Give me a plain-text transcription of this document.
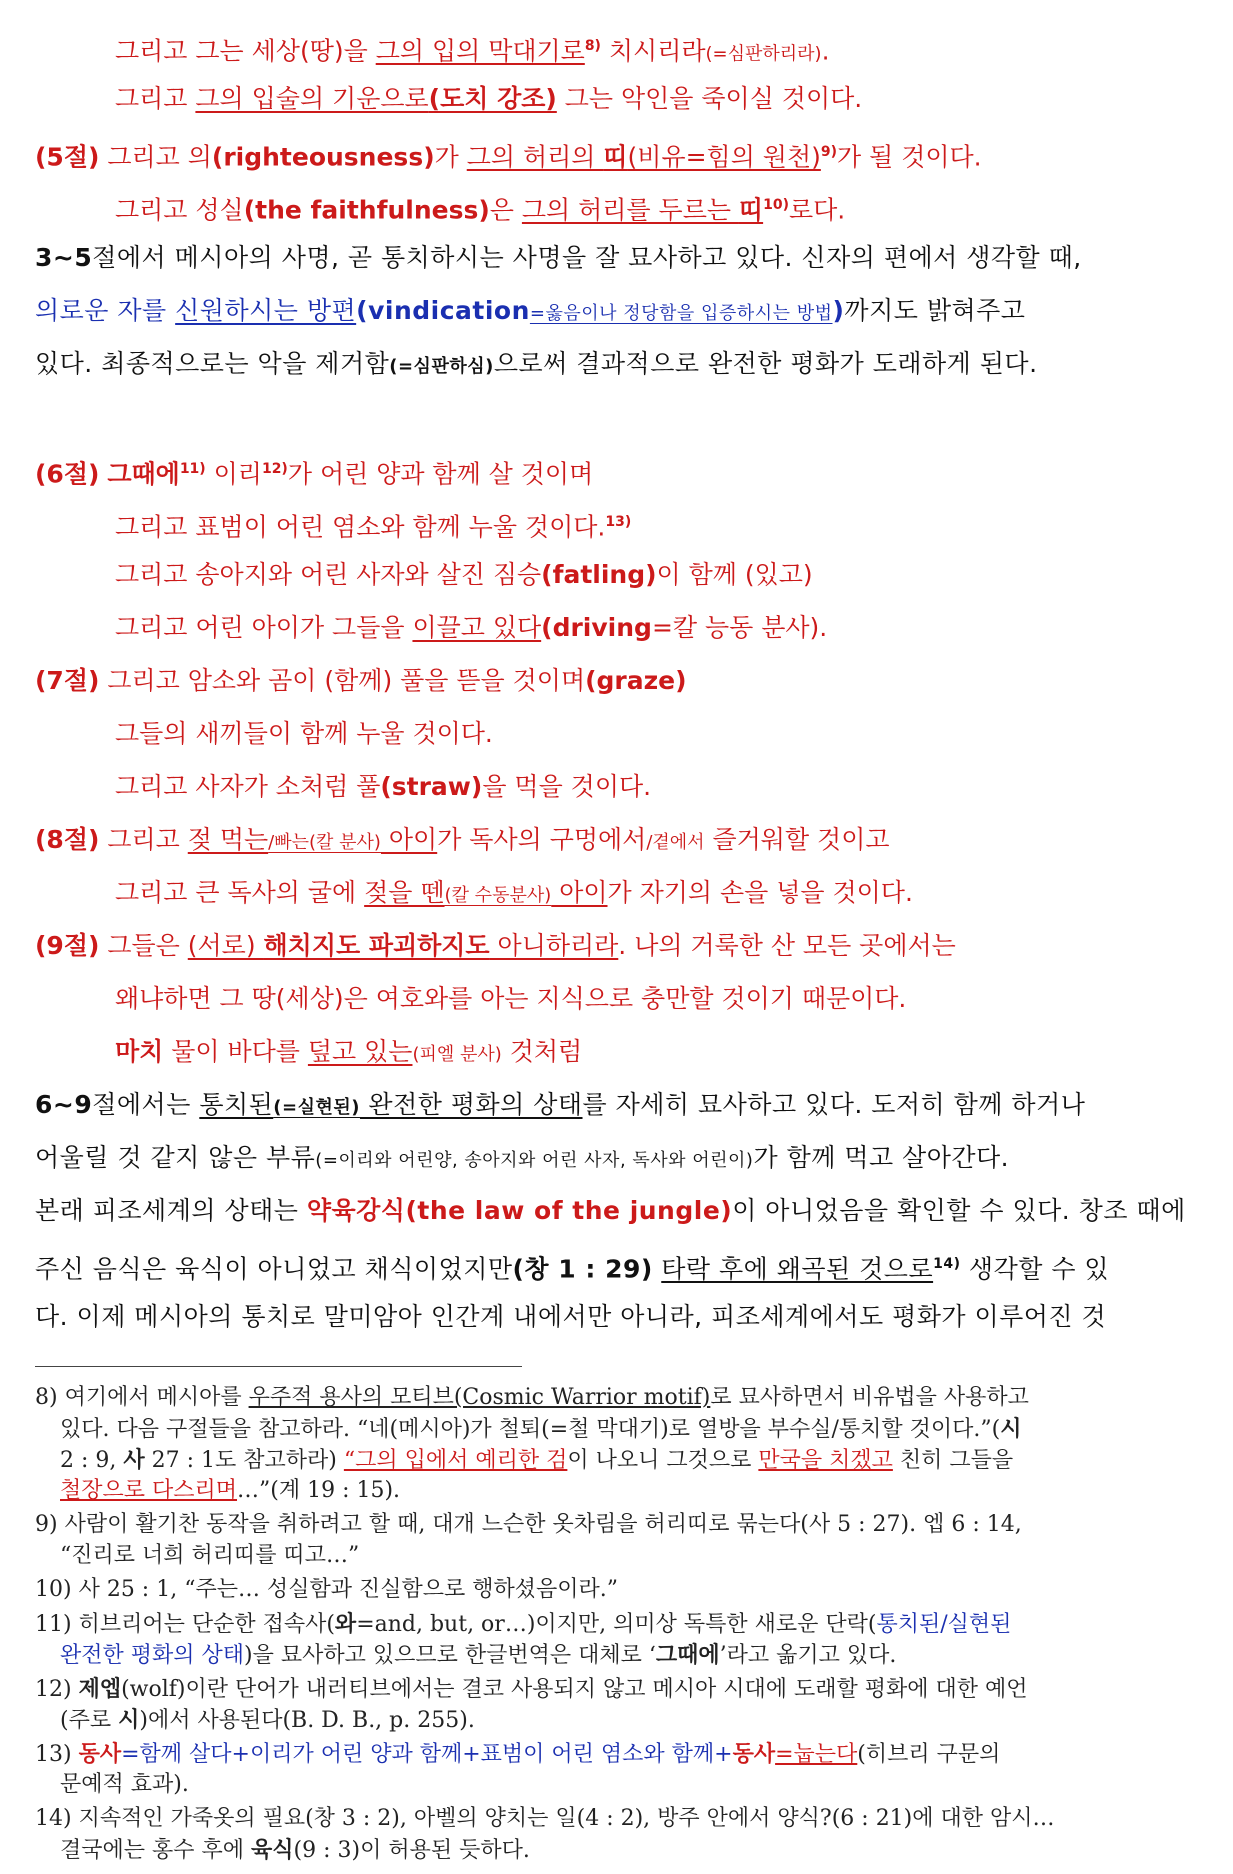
그리고 그는 세상(땅)을 그의 입의 막대기로$^{8)}$ 치시리라(=심판하리라).
그리고 그의 입술의 기운으로(도치 강조) 그는 악인을 죽이실 것이다.
(5절) 그리고 의(righteousness)가 그의 허리의 띠(비유=힘의 원천)$^{9)}$가 될 것이다.
그리고 성실(the faithfulness)은 그의 허리를 두르는 띠$^{10)}$로다.
3~5절에서 메시아의 사명, 곧 통치하시는 사명을 잘 묘사하고 있다. 신자의 편에서 생각할 때,
의로운 자를 신원하시는 방편(vindication=옳음이나 정당함을 입증하시는 방법)까지도 밝혀주고
있다. 최종적으로는 악을 제거함(=심판하심)으로써 결과적으로 완전한 평화가 도래하게 된다.
(6절) 그때에$^{11)}$ 이리$^{12)}$가 어린 양과 함께 살 것이며
그리고 표범이 어린 염소와 함께 누울 것이다.$^{13)}$
그리고 송아지와 어린 사자와 살진 짐승(fatling)이 함께 (있고)
그리고 어린 아이가 그들을 이끌고 있다(driving=칼 능동 분사).
(7절) 그리고 암소와 곰이 (함께) 풀을 뜯을 것이며(graze)
그들의 새끼들이 함께 누울 것이다.
그리고 사자가 소처럼 풀(straw)을 먹을 것이다.
(8절) 그리고 젖 먹는/빠는(칼 분사) 아이가 독사의 구멍에서/곁에서 즐거워할 것이고
그리고 큰 독사의 굴에 젖을 뗀(칼 수동분사) 아이가 자기의 손을 넣을 것이다.
(9절) 그들은 (서로) 해치지도 파괴하지도 아니하리라. 나의 거룩한 산 모든 곳에서는
왜냐하면 그 땅(세상)은 여호와를 아는 지식으로 충만할 것이기 때문이다.
마치 물이 바다를 덮고 있는(피엘 분사) 것처럼
6~9절에서는 통치된(=실현된) 완전한 평화의 상태를 자세히 묘사하고 있다. 도저히 함께 하거나
어울릴 것 같지 않은 부류(=이리와 어린양, 송아지와 어린 사자, 독사와 어린이)가 함께 먹고 살아간다.
본래 피조세계의 상태는 약육강식(the law of the jungle)이 아니었음을 확인할 수 있다. 창조 때에
주신 음식은 육식이 아니었고 채식이었지만(창 1 : 29) 타락 후에 왜곡된 것으로$^{14)}$ 생각할 수 있
다. 이제 메시아의 통치로 말미암아 인간계 내에서만 아니라, 피조세계에서도 평화가 이루어진 것
8) 여기에서 메시아를 우주적 용사의 모티브(Cosmic Warrior motif)로 묘사하면서 비유법을 사용하고
있다. 다음 구절들을 참고하라. “네(메시아)가 철퇴(=철 막대기)로 열방을 부수실/통치할 것이다.”(시
2 : 9, 사 27 : 1도 참고하라) “그의 입에서 예리한 검이 나오니 그것으로 만국을 치겠고 친히 그들을
철장으로 다스리며…”(계 19 : 15).
9) 사람이 활기찬 동작을 취하려고 할 때, 대개 느슨한 옷차림을 허리띠로 묶는다(사 5 : 27). 엡 6 : 14,
“진리로 너희 허리띠를 띠고…”
10) 사 25 : 1, “주는… 성실함과 진실함으로 행하셨음이라.”
11) 히브리어는 단순한 접속사(와=and, but, or…)이지만, 의미상 독특한 새로운 단락(통치된/실현된
완전한 평화의 상태)을 묘사하고 있으므로 한글번역은 대체로 ‘그때에’라고 옮기고 있다.
12) 제엡(wolf)이란 단어가 내러티브에서는 결코 사용되지 않고 메시아 시대에 도래할 평화에 대한 예언
(주로 시)에서 사용된다(B. D. B., p. 255).
13) 동사=함께 살다+이리가 어린 양과 함께+표범이 어린 염소와 함께+동사=눕는다(히브리 구문의
문예적 효과).
14) 지속적인 가죽옷의 필요(창 3 : 2), 아벨의 양치는 일(4 : 2), 방주 안에서 양식?(6 : 21)에 대한 암시…
결국에는 홍수 후에 육식(9 : 3)이 허용된 듯하다.
